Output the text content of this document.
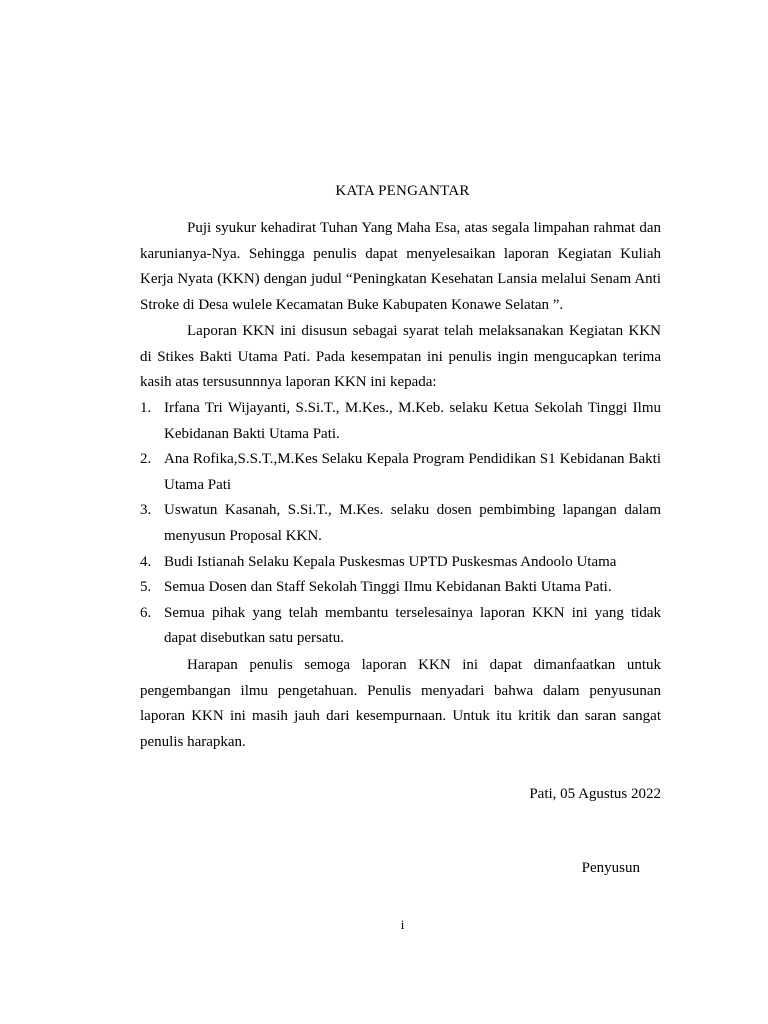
KATA PENGANTAR

Puji syukur kehadirat Tuhan Yang Maha Esa, atas segala limpahan rahmat dan karunianya-Nya. Sehingga penulis dapat menyelesaikan laporan Kegiatan Kuliah Kerja Nyata (KKN) dengan judul “Peningkatan Kesehatan Lansia melalui Senam Anti Stroke di Desa wulele Kecamatan Buke Kabupaten Konawe Selatan ”.

Laporan KKN ini disusun sebagai syarat telah melaksanakan Kegiatan KKN di Stikes Bakti Utama Pati. Pada kesempatan ini penulis ingin mengucapkan terima kasih atas tersusunnnya laporan KKN ini kepada:

1. Irfana Tri Wijayanti, S.Si.T., M.Kes., M.Keb. selaku Ketua Sekolah Tinggi Ilmu Kebidanan Bakti Utama Pati.
2. Ana Rofika,S.S.T.,M.Kes Selaku Kepala Program Pendidikan S1 Kebidanan Bakti Utama Pati
3. Uswatun Kasanah, S.Si.T., M.Kes. selaku dosen pembimbing lapangan dalam menyusun Proposal KKN.
4. Budi Istianah Selaku Kepala Puskesmas UPTD Puskesmas Andoolo Utama
5. Semua Dosen dan Staff Sekolah Tinggi Ilmu Kebidanan Bakti Utama Pati.
6. Semua pihak yang telah membantu terselesainya laporan KKN ini yang tidak dapat disebutkan satu persatu.

Harapan penulis semoga laporan KKN ini dapat dimanfaatkan untuk pengembangan ilmu pengetahuan. Penulis menyadari bahwa dalam penyusunan laporan KKN ini masih jauh dari kesempurnaan. Untuk itu kritik dan saran sangat penulis harapkan.

Pati, 05 Agustus 2022
Penyusun
i
